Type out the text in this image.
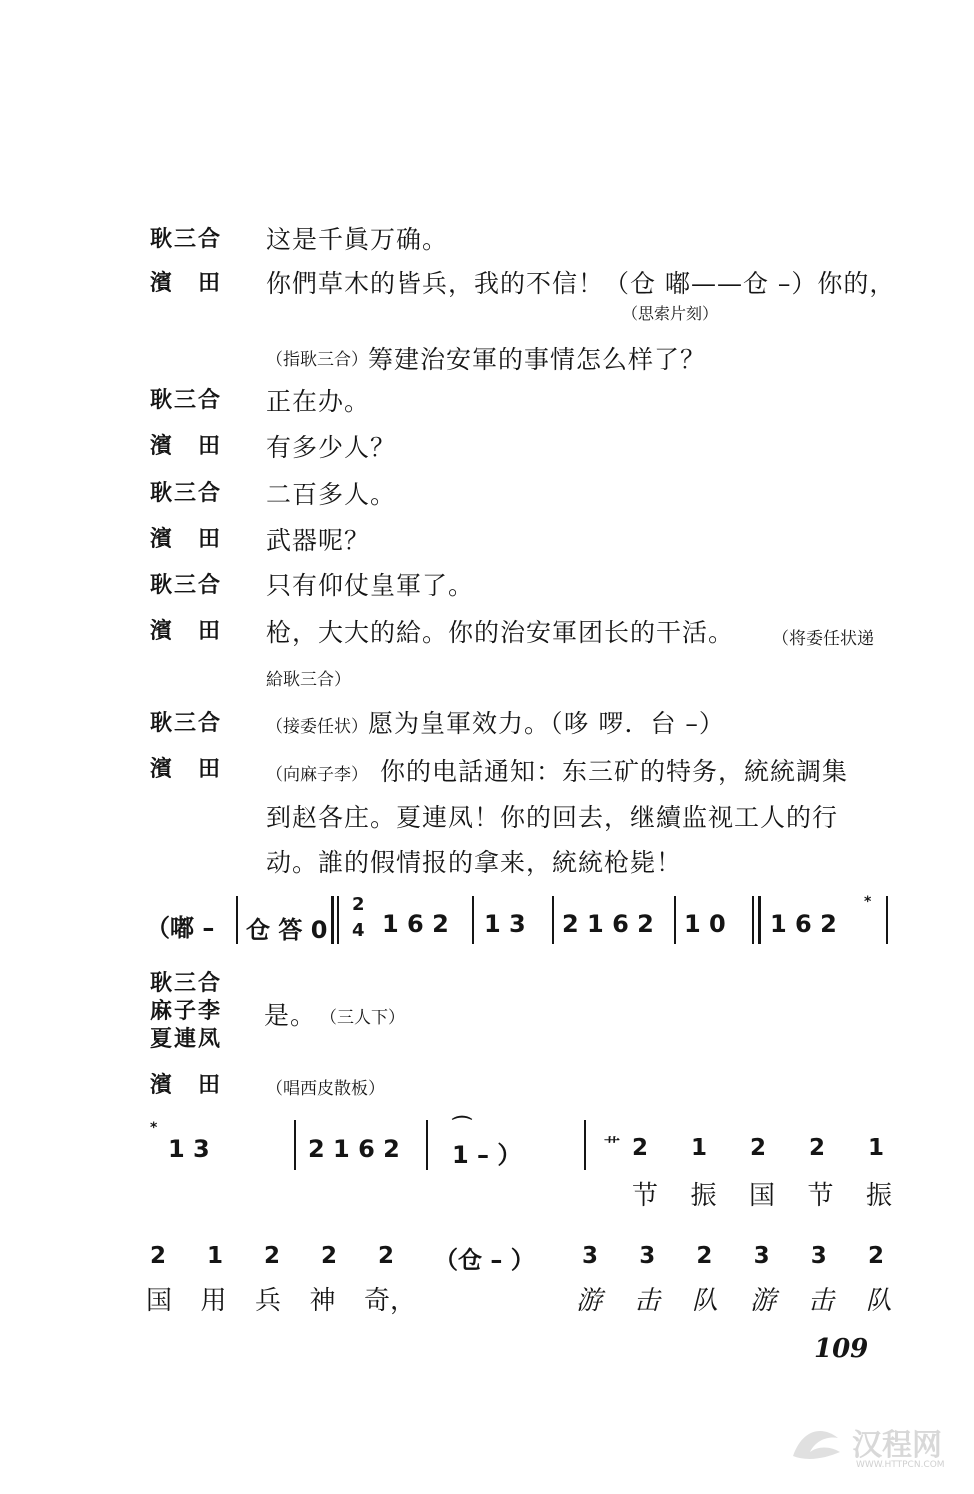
耿三合 这是千眞万确。
濱　田 你們草木的皆兵，我的不信！（仓 嘟——仓 –）你的，
（思索片刻）
（指耿三合） 筹建治安軍的事情怎么样了？
耿三合 正在办。
濱　田 有多少人？
耿三合 二百多人。
濱　田 武器呢？
耿三合 只有仰仗皇軍了。
濱　田 枪，大大的給。你的治安軍团长的干活。 （将委任状递
給耿三合）
耿三合	（接委任状） 愿为皇軍效力。（哆 啰．台 –）
濱　田	（向麻子李） 你的电話通知：东三矿的特务，統統調集
到赵各庄。夏連凤！你的回去，继續监视工人的行
动。誰的假情报的拿来，統統枪毙！
（嘟 – 仓 答 0
2
4 1 6 2 1 3 2 1 6 2 1 0 1 6 2
*
耿三合
麻子李
夏連凤
是。 （三人下）
濱　田	（唱西皮散板）
*
1 3	2 1 6 2
⌒
1 – ）	艹 2 1 2 2 1
节 振 国 节 振
2 1 2 2 2 （仓 – ） 3 3 2 3 3 2
国 用 兵 神 奇，	游 击 队 游 击 队
109
汉程网
WWW.HTTPCN.COM
